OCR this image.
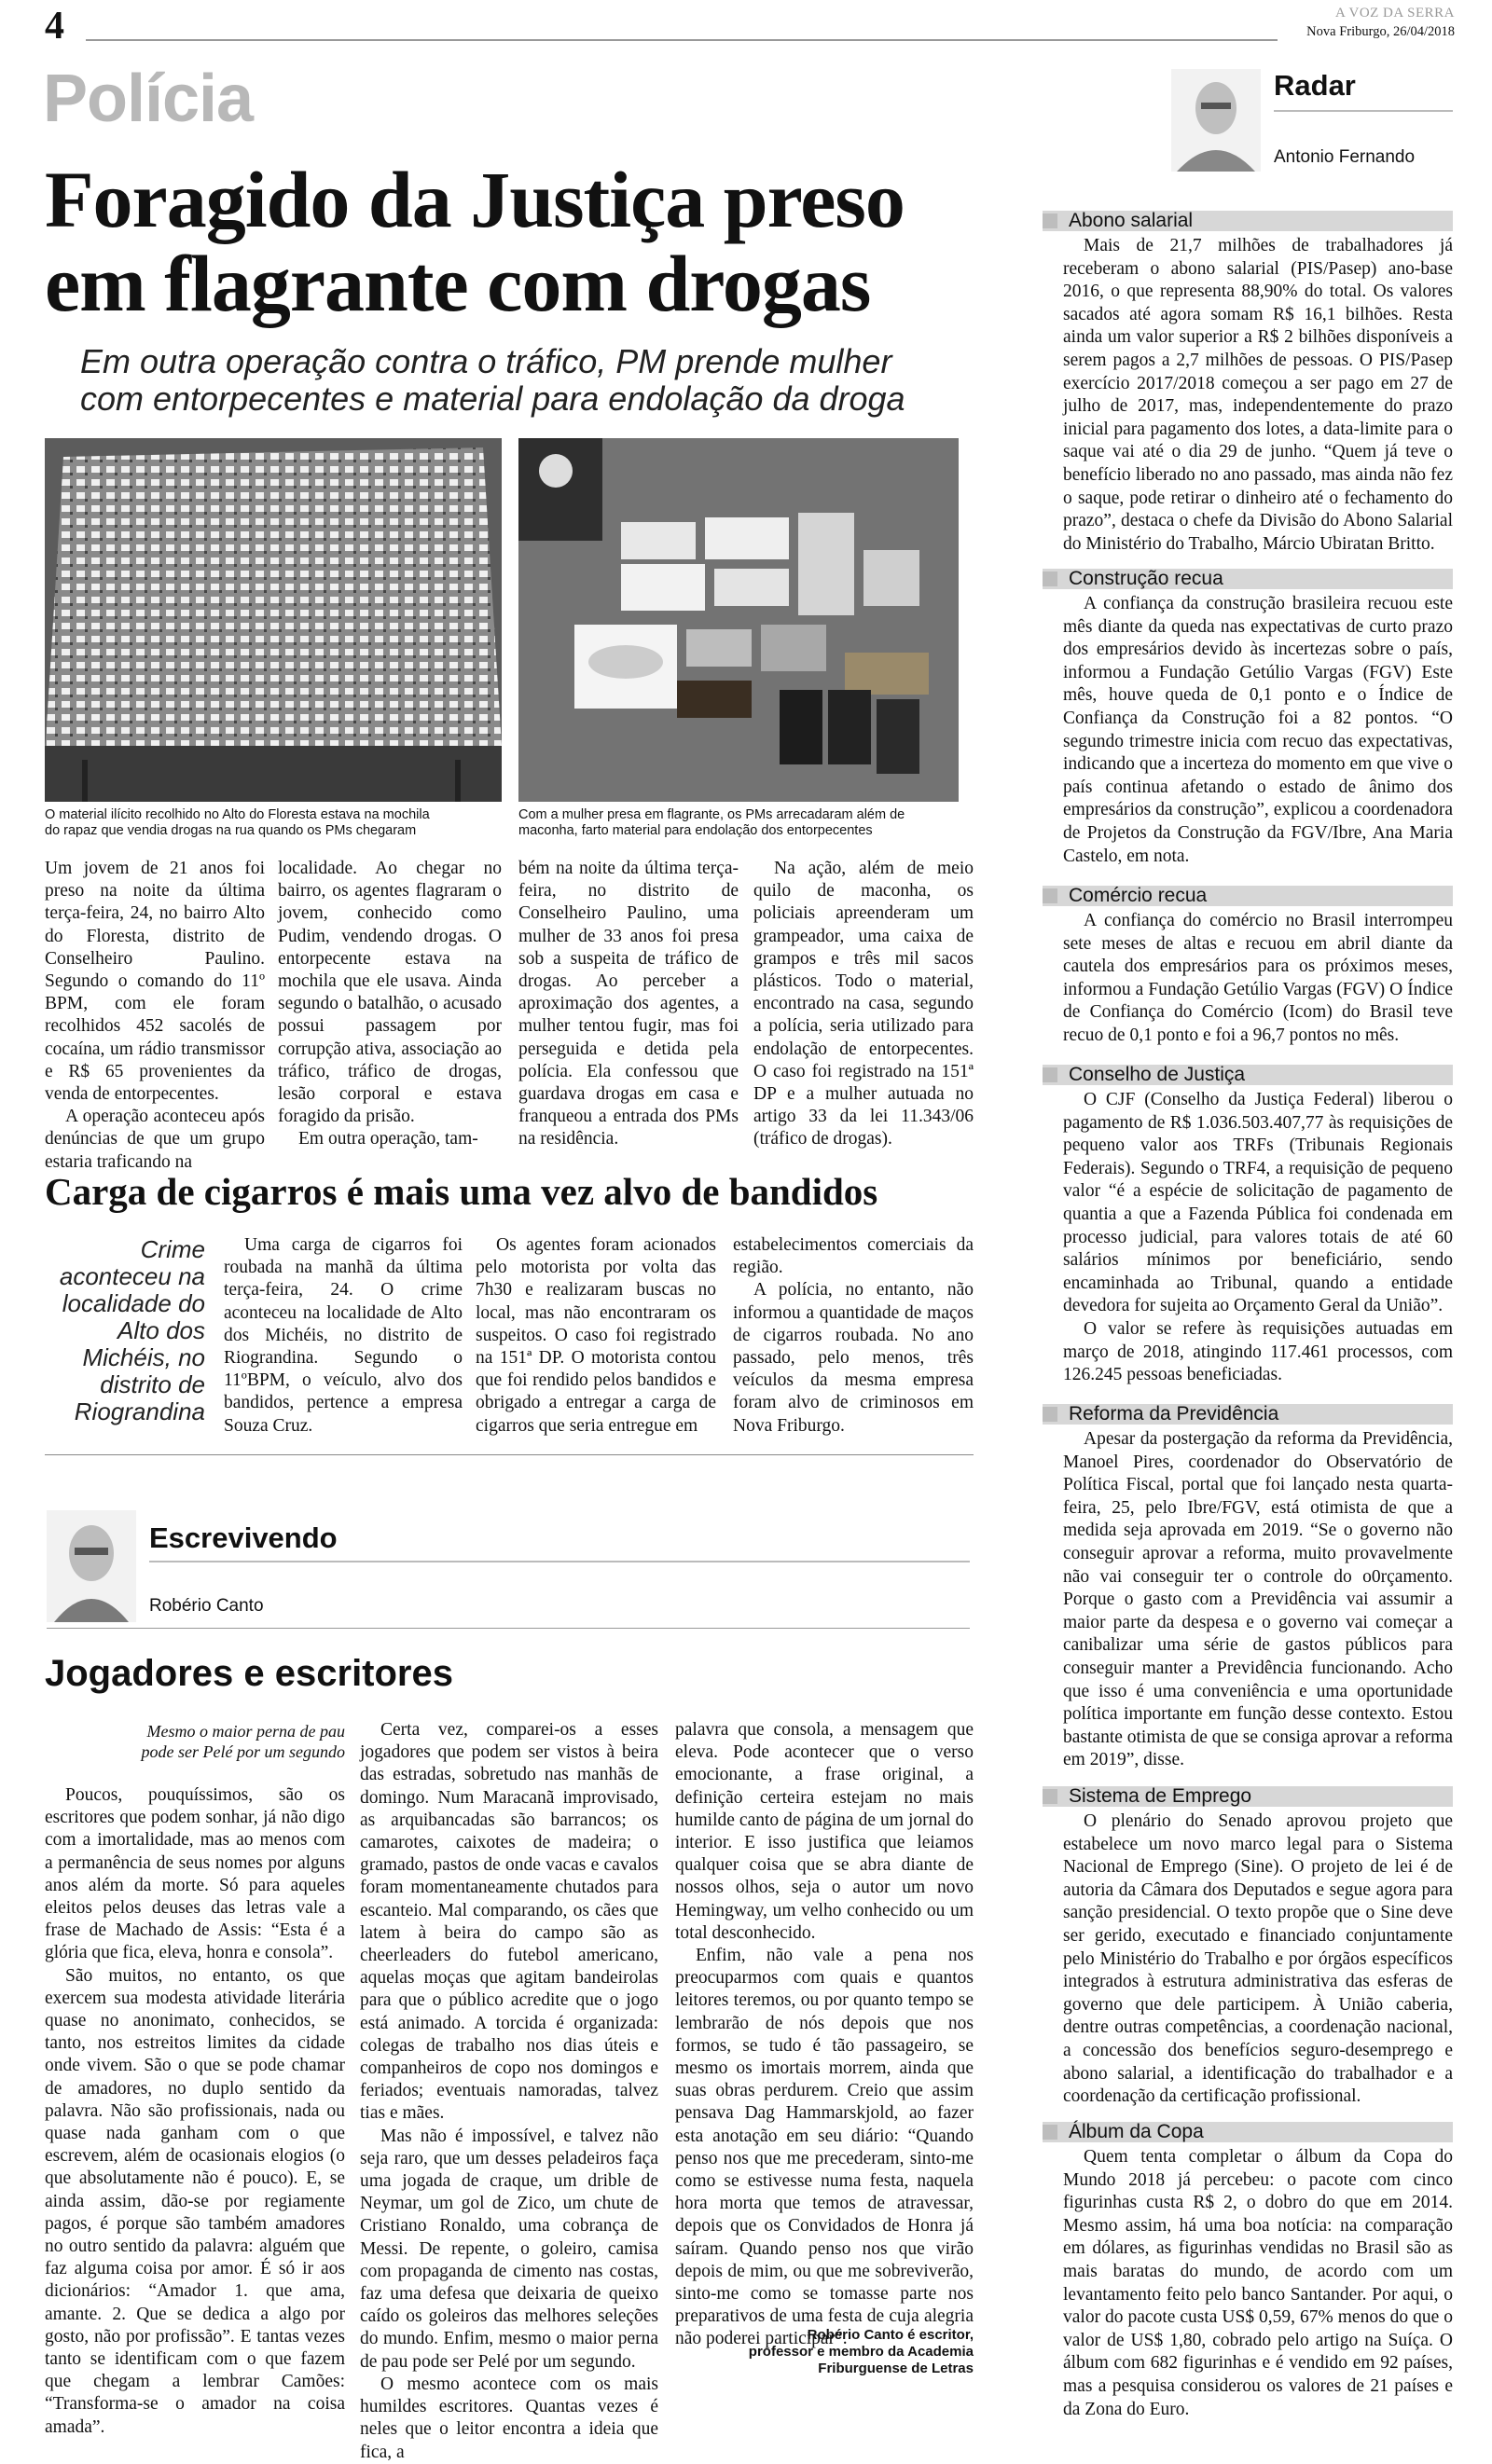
4	A VOZ DA SERRA
Nova Friburgo, 26/04/2018
Polícia
Foragido da Justiça preso
em flagrante com drogas
Em outra operação contra o tráfico, PM prende mulher
com entorpecentes e material para endolação da droga
O material ilícito recolhido no Alto do Floresta estava na mochila do rapaz que vendia drogas na rua quando os PMs chegaram
Com a mulher presa em flagrante, os PMs arrecadaram além de maconha, farto material para endolação dos entorpecentes

Um jovem de 21 anos foi preso na noite da última terça-feira, 24, no bairro Alto do Floresta, distrito de Conselheiro Paulino. Segundo o comando do 11º BPM, com ele foram recolhidos 452 sacolés de cocaína, um rádio transmissor e R$ 65 provenientes da venda de entorpecentes.

A operação aconteceu após denúncias de que um grupo estaria traficando na

localidade. Ao chegar no bairro, os agentes flagraram o jovem, conhecido como Pudim, vendendo drogas. O entorpecente estava na mochila que ele usava. Ainda segundo o batalhão, o acusado possui passagem por corrupção ativa, associação ao tráfico, tráfico de drogas, lesão corporal e estava foragido da prisão.

Em outra operação, tam-

bém na noite da última terça-feira, no distrito de Conselheiro Paulino, uma mulher de 33 anos foi presa sob a suspeita de tráfico de drogas. Ao perceber a aproximação dos agentes, a mulher tentou fugir, mas foi perseguida e detida pela polícia. Ela confessou que guardava drogas em casa e franqueou a entrada dos PMs na residência.

Na ação, além de meio quilo de maconha, os policiais apreenderam um grampeador, uma caixa de grampos e três mil sacos plásticos. Todo o material, encontrado na casa, segundo a polícia, seria utilizado para endolação de entorpecentes. O caso foi registrado na 151ª DP e a mulher autuada no artigo 33 da lei 11.343/06 (tráfico de drogas).

Carga de cigarros é mais uma vez alvo de bandidos
Crime aconteceu na localidade do Alto dos Michéis, no distrito de Riograndina

Uma carga de cigarros foi roubada na manhã da última terça-feira, 24. O crime aconteceu na localidade de Alto dos Michéis, no distrito de Riograndina. Segundo o 11ºBPM, o veículo, alvo dos bandidos, pertence a empresa Souza Cruz.

Os agentes foram acionados pelo motorista por volta das 7h30 e realizaram buscas no local, mas não encontraram os suspeitos. O caso foi registrado na 151ª DP. O motorista contou que foi rendido pelos bandidos e obrigado a entregar a carga de cigarros que seria entregue em

estabelecimentos comerciais da região.

A polícia, no entanto, não informou a quantidade de maços de cigarros roubada. No ano passado, pelo menos, três veículos da mesma empresa foram alvo de criminosos em Nova Friburgo.

Escrevivendo
Robério Canto
Jogadores e escritores
Mesmo o maior perna de pau
pode ser Pelé por um segundo

Poucos, pouquíssimos, são os escritores que podem sonhar, já não digo com a imortalidade, mas ao menos com a permanência de seus nomes por alguns anos além da morte. Só para aqueles eleitos pelos deuses das letras vale a frase de Machado de Assis: “Esta é a glória que fica, eleva, honra e consola”.

São muitos, no entanto, os que exercem sua modesta atividade literária quase no anonimato, conhecidos, se tanto, nos estreitos limites da cidade onde vivem. São o que se pode chamar de amadores, no duplo sentido da palavra. Não são profissionais, nada ou quase nada ganham com o que escrevem, além de ocasionais elogios (o que absolutamente não é pouco). E, se ainda assim, dão-se por regiamente pagos, é porque são também amadores no outro sentido da palavra: alguém que faz alguma coisa por amor. É só ir aos dicionários: “Amador 1. que ama, amante. 2. Que se dedica a algo por gosto, não por profissão”. E tantas vezes tanto se identificam com o que fazem que chegam a lembrar Camões: “Transforma-se o amador na coisa amada”.

Certa vez, comparei-os a esses jogadores que podem ser vistos à beira das estradas, sobretudo nas manhãs de domingo. Num Maracanã improvisado, as arquibancadas são barrancos; os camarotes, caixotes de madeira; o gramado, pastos de onde vacas e cavalos foram momentaneamente chutados para escanteio. Mal comparando, os cães que latem à beira do campo são as cheerleaders do futebol americano, aquelas moças que agitam bandeirolas para que o público acredite que o jogo está animado. A torcida é organizada: colegas de trabalho nos dias úteis e companheiros de copo nos domingos e feriados; eventuais namoradas, talvez tias e mães.

Mas não é impossível, e talvez não seja raro, que um desses peladeiros faça uma jogada de craque, um drible de Neymar, um gol de Zico, um chute de Cristiano Ronaldo, uma cobrança de Messi. De repente, o goleiro, camisa com propaganda de cimento nas costas, faz uma defesa que deixaria de queixo caído os goleiros das melhores seleções do mundo. Enfim, mesmo o maior perna de pau pode ser Pelé por um segundo.

O mesmo acontece com os mais humildes escritores. Quantas vezes é neles que o leitor encontra a ideia que fica, a

palavra que consola, a mensagem que eleva. Pode acontecer que o verso emocionante, a frase original, a definição certeira estejam no mais humilde canto de página de um jornal do interior. E isso justifica que leiamos qualquer coisa que se abra diante de nossos olhos, seja o autor um novo Hemingway, um velho conhecido ou um total desconhecido.

Enfim, não vale a pena nos preocuparmos com quais e quantos leitores teremos, ou por quanto tempo se lembrarão de nós depois que nos formos, se tudo é tão passageiro, se mesmo os imortais morrem, ainda que suas obras perdurem. Creio que assim pensava Dag Hammarskjold, ao fazer esta anotação em seu diário: “Quando penso nos que me precederam, sinto-me como se estivesse numa festa, naquela hora morta que temos de atravessar, depois que os Convidados de Honra já saíram. Quando penso nos que virão depois de mim, ou que me sobreviverão, sinto-me como se tomasse parte nos preparativos de uma festa de cuja alegria não poderei participar”.

Robério Canto é escritor,
professor e membro da Academia
Friburguense de Letras
Radar
Antonio Fernando
Abono salarial
Mais de 21,7 milhões de trabalhadores já receberam o abono salarial (PIS/Pasep) ano-base 2016, o que representa 88,90% do total. Os valores sacados até agora somam R$ 16,1 bilhões. Resta ainda um valor superior a R$ 2 bilhões disponíveis a serem pagos a 2,7 milhões de pessoas. O PIS/Pasep exercício 2017/2018 começou a ser pago em 27 de julho de 2017, mas, independentemente do prazo inicial para pagamento dos lotes, a data-limite para o saque vai até o dia 29 de junho. “Quem já teve o benefício liberado no ano passado, mas ainda não fez o saque, pode retirar o dinheiro até o fechamento do prazo”, destaca o chefe da Divisão do Abono Salarial do Ministério do Trabalho, Márcio Ubiratan Britto.
Construção recua
A confiança da construção brasileira recuou este mês diante da queda nas expectativas de curto prazo dos empresários devido às incertezas sobre o país, informou a Fundação Getúlio Vargas (FGV) Este mês, houve queda de 0,1 ponto e o Índice de Confiança da Construção foi a 82 pontos. “O segundo trimestre inicia com recuo das expectativas, indicando que a incerteza do momento em que vive o país continua afetando o estado de ânimo dos empresários da construção”, explicou a coordenadora de Projetos da Construção da FGV/Ibre, Ana Maria Castelo, em nota.
Comércio recua
A confiança do comércio no Brasil interrompeu sete meses de altas e recuou em abril diante da cautela dos empresários para os próximos meses, informou a Fundação Getúlio Vargas (FGV) O Índice de Confiança do Comércio (Icom) do Brasil teve recuo de 0,1 ponto e foi a 96,7 pontos no mês.
Conselho de Justiça
O CJF (Conselho da Justiça Federal) liberou o pagamento de R$ 1.036.503.407,77 às requisições de pequeno valor aos TRFs (Tribunais Regionais Federais). Segundo o TRF4, a requisição de pequeno valor “é a espécie de solicitação de pagamento de quantia a que a Fazenda Pública foi condenada em processo judicial, para valores totais de até 60 salários mínimos por beneficiário, sendo encaminhada ao Tribunal, quando a entidade devedora for sujeita ao Orçamento Geral da União”.
O valor se refere às requisições autuadas em março de 2018, atingindo 117.461 processos, com 126.245 pessoas beneficiadas.
Reforma da Previdência
Apesar da postergação da reforma da Previdência, Manoel Pires, coordenador do Observatório de Política Fiscal, portal que foi lançado nesta quarta-feira, 25, pelo Ibre/FGV, está otimista de que a medida seja aprovada em 2019. “Se o governo não conseguir aprovar a reforma, muito provavelmente não vai conseguir ter o controle do o0rçamento. Porque o gasto com a Previdência vai assumir a maior parte da despesa e o governo vai começar a canibalizar uma série de gastos públicos para conseguir manter a Previdência funcionando. Acho que isso é uma conveniência e uma oportunidade política importante em função desse contexto. Estou bastante otimista de que se consiga aprovar a reforma em 2019”, disse.
Sistema de Emprego
O plenário do Senado aprovou projeto que estabelece um novo marco legal para o Sistema Nacional de Emprego (Sine). O projeto de lei é de autoria da Câmara dos Deputados e segue agora para sanção presidencial. O texto propõe que o Sine deve ser gerido, executado e financiado conjuntamente pelo Ministério do Trabalho e por órgãos específicos integrados à estrutura administrativa das esferas de governo que dele participem. À União caberia, dentre outras competências, a coordenação nacional, a concessão dos benefícios seguro-desemprego e abono salarial, a identificação do trabalhador e a coordenação da certificação profissional.
Álbum da Copa
Quem tenta completar o álbum da Copa do Mundo 2018 já percebeu: o pacote com cinco figurinhas custa R$ 2, o dobro do que em 2014. Mesmo assim, há uma boa notícia: na comparação em dólares, as figurinhas vendidas no Brasil são as mais baratas do mundo, de acordo com um levantamento feito pelo banco Santander. Por aqui, o valor do pacote custa US$ 0,59, 67% menos do que o valor de US$ 1,80, cobrado pelo artigo na Suíça. O álbum com 682 figurinhas e é vendido em 92 países, mas a pesquisa considerou os valores de 21 países e da Zona do Euro.
